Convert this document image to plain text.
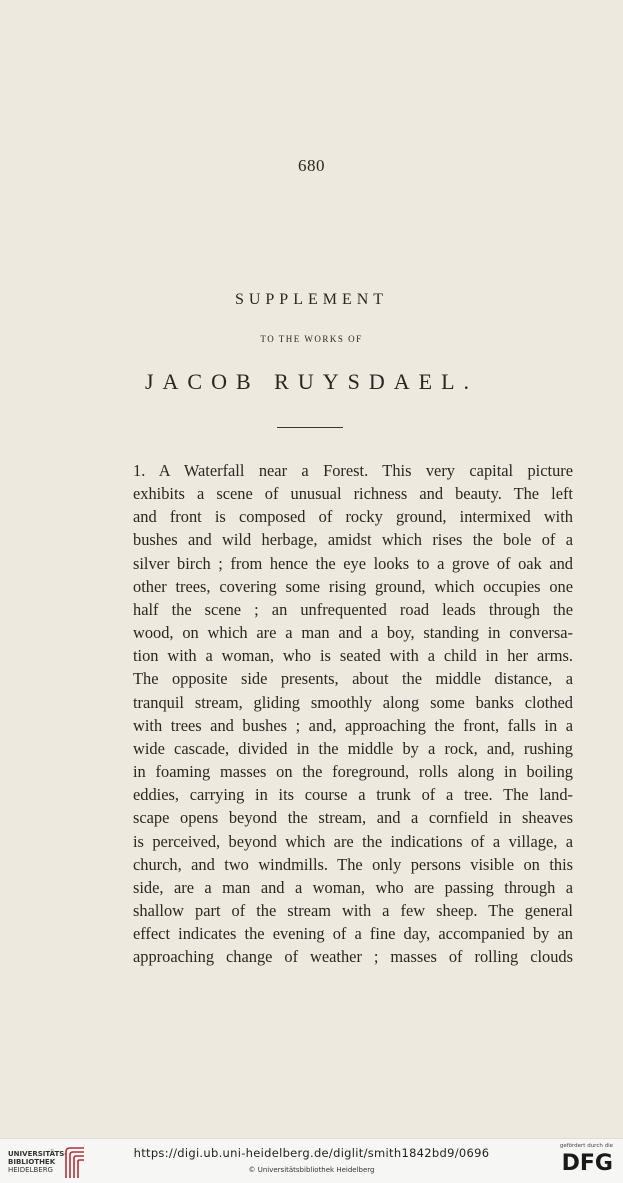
680
SUPPLEMENT
TO THE WORKS OF
JACOB RUYSDAEL.
1. A Waterfall near a Forest. This very capital picture
exhibits a scene of unusual richness and beauty. The left
and front is composed of rocky ground, intermixed with
bushes and wild herbage, amidst which rises the bole of a
silver birch ; from hence the eye looks to a grove of oak and
other trees, covering some rising ground, which occupies one
half the scene ; an unfrequented road leads through the
wood, on which are a man and a boy, standing in conversa-
tion with a woman, who is seated with a child in her arms.
The opposite side presents, about the middle distance, a
tranquil stream, gliding smoothly along some banks clothed
with trees and bushes ; and, approaching the front, falls in a
wide cascade, divided in the middle by a rock, and, rushing
in foaming masses on the foreground, rolls along in boiling
eddies, carrying in its course a trunk of a tree. The land-
scape opens beyond the stream, and a cornfield in sheaves
is perceived, beyond which are the indications of a village, a
church, and two windmills. The only persons visible on this
side, are a man and a woman, who are passing through a
shallow part of the stream with a few sheep. The general
effect indicates the evening of a fine day, accompanied by an
approaching change of weather ; masses of rolling clouds
UNIVERSITÄTS-
BIBLIOTHEK
HEIDELBERG
https://digi.ub.uni-heidelberg.de/diglit/smith1842bd9/0696
© Universitätsbibliothek Heidelberg
gefördert durch die
DFG
